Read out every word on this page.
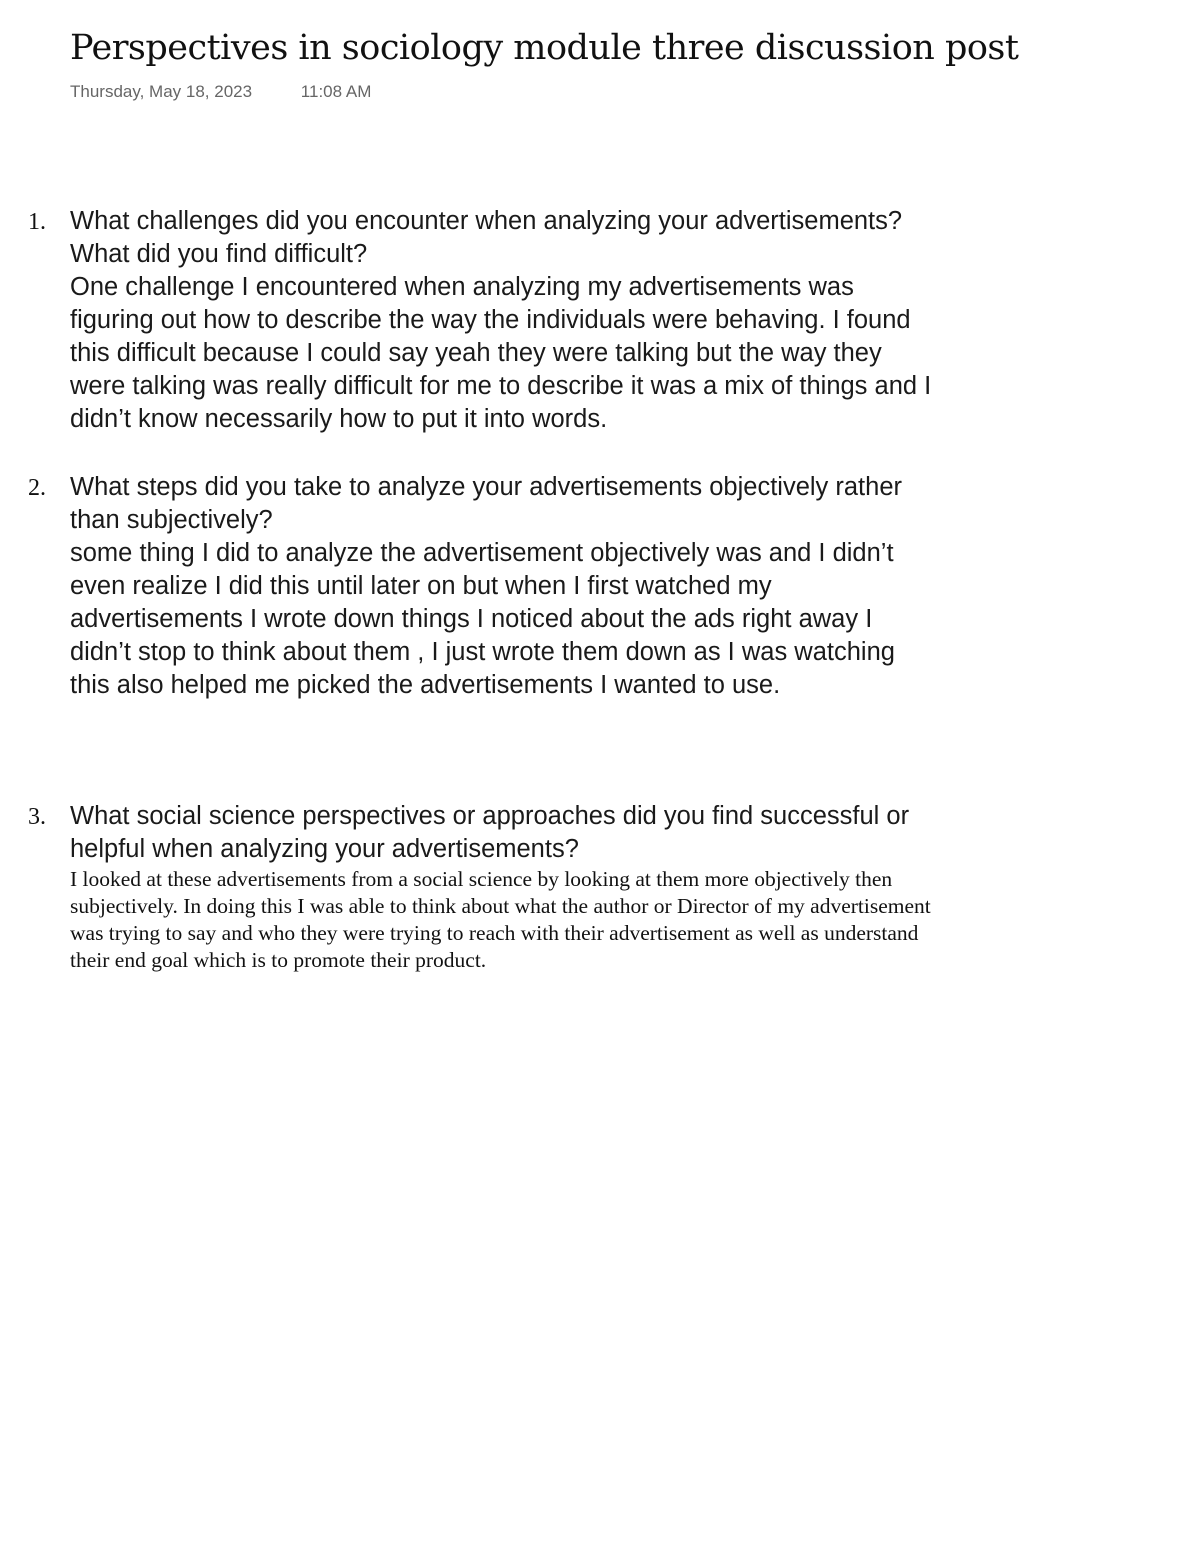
Perspectives in sociology module three discussion post
Thursday, May 18, 2023	11:08 AM
1. What challenges did you encounter when analyzing your advertisements? What did you find difficult?

One challenge I encountered when analyzing my advertisements was figuring out how to describe the way the individuals were behaving. I found this difficult because I could say yeah they were talking but the way they were talking was really difficult for me to describe it was a mix of things and I didn’t know necessarily how to put it into words.

2. What steps did you take to analyze your advertisements objectively rather than subjectively?

some thing I did to analyze the advertisement objectively was and I didn’t even realize I did this until later on but when I first watched my advertisements I wrote down things I noticed about the ads right away I didn’t stop to think about them , I just wrote them down as I was watching this also helped me picked the advertisements I wanted to use.

3. What social science perspectives or approaches did you find successful or helpful when analyzing your advertisements?

I looked at these advertisements from a social science by looking at them more objectively then subjectively. In doing this I was able to think about what the author or Director of my advertisement was trying to say and who they were trying to reach with their advertisement as well as understand their end goal which is to promote their product.
